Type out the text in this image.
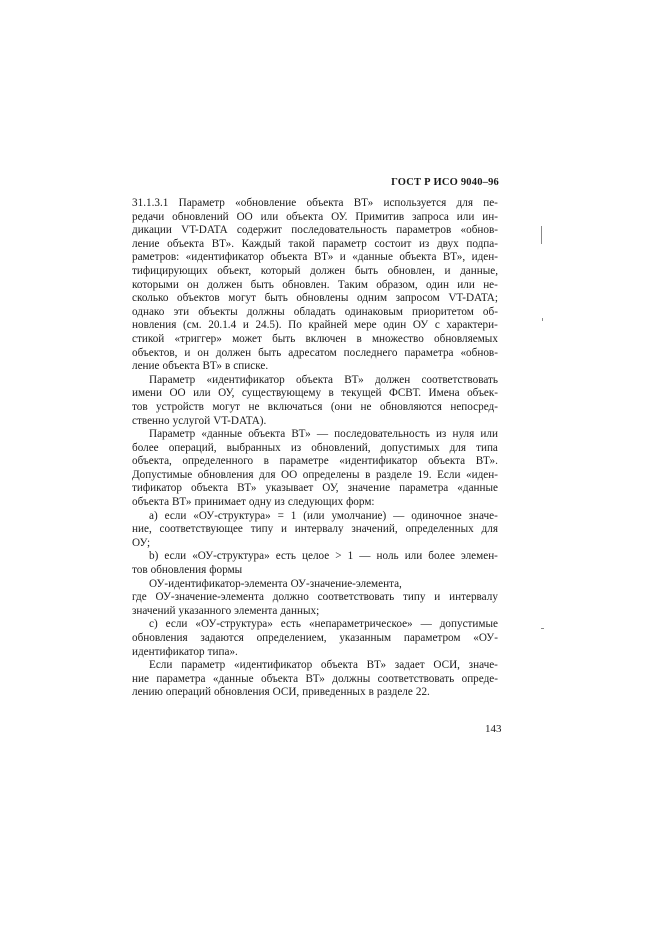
ГОСТ Р ИСО 9040–96
31.1.3.1 Параметр «обновление объекта ВТ» используется для пе-
редачи обновлений ОО или объекта ОУ. Примитив запроса или ин-
дикации VT-DATA содержит последовательность параметров «обнов-
ление объекта ВТ». Каждый такой параметр состоит из двух подпа-
раметров: «идентификатор объекта ВТ» и «данные объекта ВТ», иден-
тифицирующих объект, который должен быть обновлен, и данные,
которыми он должен быть обновлен. Таким образом, один или не-
сколько объектов могут быть обновлены одним запросом VT-DATA;
однако эти объекты должны обладать одинаковым приоритетом об-
новления (см. 20.1.4 и 24.5). По крайней мере один ОУ с характери-
стикой «триггер» может быть включен в множество обновляемых
объектов, и он должен быть адресатом последнего параметра «обнов-
ление объекта ВТ» в списке.
Параметр «идентификатор объекта ВТ» должен соответствовать
имени ОО или ОУ, существующему в текущей ФСВТ. Имена объек-
тов устройств могут не включаться (они не обновляются непосред-
ственно услугой VT-DATA).
Параметр «данные объекта ВТ» — последовательность из нуля или
более операций, выбранных из обновлений, допустимых для типа
объекта, определенного в параметре «идентификатор объекта ВТ».
Допустимые обновления для ОО определены в разделе 19. Если «иден-
тификатор объекта ВТ» указывает ОУ, значение параметра «данные
объекта ВТ» принимает одну из следующих форм:
а) если «ОУ-структура» = 1 (или умолчание) — одиночное значе-
ние, соответствующее типу и интервалу значений, определенных для
ОУ;
b) если «ОУ-структура» есть целое > 1 — ноль или более элемен-
тов обновления формы
ОУ-идентификатор-элемента ОУ-значение-элемента,
где ОУ-значение-элемента должно соответствовать типу и интервалу
значений указанного элемента данных;
с) если «ОУ-структура» есть «непараметрическое» — допустимые
обновления задаются определением, указанным параметром «ОУ-
идентификатор типа».
Если параметр «идентификатор объекта ВТ» задает ОСИ, значе-
ние параметра «данные объекта ВТ» должны соответствовать опреде-
лению операций обновления ОСИ, приведенных в разделе 22.
143
